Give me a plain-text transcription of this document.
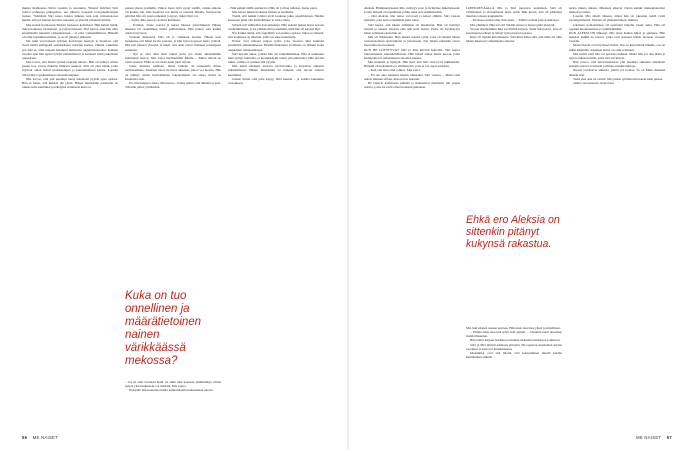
muista ihailleensa Siirin vastetta ja suoruutta. Yhteisä päivästä Siiri saattoi puhuessa jalkapalloa, sen jälkeen nopeasti terveydenhoitajan luokse. ”Kämäsin Siiri sanoo lukion jälkeen, kun sain vastaanotossa kuulla, että jos haluan nuorena naiseksi, ja pistettä vakuutin Siirille.

Mia kutsui huolissaan Siiristä luokseen kahvilaan. Hän halusi tietää, miten koulussa oli mennyt, ja tarjosi tukeaan. Siiri kertoi, ettei hän ollut kenellekään puhunut vaikeuksistaan – ei edes vanhemmilleen. Hänellä oli ollut koulukiusaamista, ja se oli jättänyt jälkensä.

Ma tutki varovaisesti tyttöjen kotiolojen taustoja ja huomasi, että moni heistä kamppaili samanlaisten asioiden kanssa. Oikein vaikeaksi sen teki se, ettei kukaan halunnut leimautua ongelmanuoreksi. Kahden vuoden ajan hän tapasi tyttöjä säännöllisesti ja kannusti heitä jatkamaan opintojaan.

Mia toivoi, että hänen työnsä tuottaisi tulosta. Hän oli nähnyt, miten pienet teot voivat muuttaa ihmisen suuntaa. Siiri oli yksi niistä, jotka löysivät oman tiensä keskustelujen ja kuuntelemisen kautta. Lopulta Siiri päätyi opiskelemaan sairaanhoitajaksi.

Mia toivoo, että yhä useampi nuori uskaltaisi pyytää apua ajoissa. Hän ei halua, että kukaan jää yksin. Hänen mielestään jokaisella on oikeus tulla kuulluksi ja nähdyksi sellaisena kuin on.

pienen iltaan pysähdin. Viikon loput tyttö pysyi sisällä, vaikka ulkona oli kaunis sää. Mia huomasi sen mutta ei sanonut mitään. Seuraavana päivänä hän otti asian puheeksi ja kysyi, miten Siiri voi.

– Kyllä, Mia sanoi ja kohotti kulmiaan.

– Tottakai, Janne vastasi ja katsoi häneen ystävällisesti. Hänen äänensä oli rauhallinen mutta päättäväinen. Hän halusi, että kaikki olisivat turvassa.

Vuoteen mennessä Siiri oli jo vaihtanut koulua. Hänen uusi luokkansa otti hänet hyvin vastaan, ja hän löysi nopeasti uusia ystäviä. Mia piti häneen yhteyttä ja kuuli, että asiat olivat menneet parempaan suuntaan.

– Nyt se olisi ollut ihan toinen juttu, jos olisin aikaisemmin uskaltanut kertoa, Siiri sanoi myöhemmin Mialle. – Mutta silloin en vielä osannut. Ehkä se oli oikea hetki juuri silloin.

Janne muistaa edelleen, miten tärkeää oli kuunnella ilman tuomitsemista. Jokainen nuori tarvitsee aikuisen, johon voi luottaa. Hän on nähnyt, miten luottamuksen rakentaminen vie aikaa, mutta se kannattaa aina.

En ollut helppoa aikaa, Mia kertoo. Joskus tuntui, että mikään ei auta. Silti hän jatkoi yrittämistä.

– Jos en olisi tavannut heitä, en ehkä olisi koskaan ymmärtänyt, miten paljon yksi keskustelu voi merkitä, Mia sanoo.

Nykyään hän kouluttaa muita ammattilaisia kohtaamaan nuoria.

Kuka on tuo onnellinen ja määrätietoinen nainen värikkäässä mekossa?

– Niin kaikki täällä ajattelevat. Hän oli jo illan tullessa, Janne sanoi.

Mia katsoi hänen luokseen hetken ja nyökkäsi.

Tietää, että kaikki tyttäret eivät koskaan puhu ongelmistaan. Heidän kanssaan pitää olla kärsivällinen ja antaa aikaa.

Siiristä tuli vähitellen itsevarmempi. Hän uskalsi puhua myös kotona vanhemmilleen, ja he ymmärsivät paremmin, mitä hän oli käynyt läpi.

Nyt kaikki tietää, että ongelmiin voi puuttua ajoissa. Siksi on tärkeää, että kouluissa on aikuisia, joilla on aikaa kuunnella.

Naiset ovat tehneet paljon työtä, jotta nuorten ääni kuuluisi paremmin yhteiskunnassa. Heidän mukaansa avoimuus on tärkein avain ongelmien ratkaisemiseen.

Siiri kuvaili aikaa, jolloin hän oli vaikeimmillaan. Hän ei nukkunut eikä syönyt kunnolla, ja koulunkäynti tuntui ylivoimaiselta. Hän tarvitsi tukea, vaikka ei osannut sitä pyytää.

Mia tutkii edelleen nuorten hyvinvointia ja kirjoittaa aiheesta säännöllisesti. Hänen mielestään on tärkeää, että nuoret tulevat kuulluiksi.

Joskus riittää, että joku kysyy, mitä kuuluu – ja todella kuuntelee vastauksen.

56 ME NAISET

Aleksia. Hämmentyneenä Mia vetäytyy pois ja hymyilee häkeltyneenä. Jotain tärkeää oli tapahtunut ja hän tunsi sen sisimmässään.

– Olet Aleksia, hän sanoo varovasti ja katsoi silmiin. Siiri vastasi hymyllä, joka kertoi enemmän kuin sanat.

Siiri kertoi, että hänen elämänsä oli muuttunut. Hän oli löytänyt itsensä ja uskalsi vihdoin elää niin kuin halusi. Perhe oli hyväksynyt hänet sellaisena kuin hän on.

Mia oli liikuttunut. Hän muisti nuoren tytön, joka oli istunut hänen vastaanotollaan epävarmana ja peloissaan. Nyt hänen edessään seisoi itsevarma nuori nainen.

KUN HE LÖYSTYVÄT Siiri ja Mia kävivät kahvilla, Siiri kertoi tulevaisuuden suunnitelmistaan. Hän halusi auttaa muita nuoria, jotka kamppailevat samanlaisten asioiden kanssa.

Mia kuunteli ja hymyili. Hän tiesi, että Siiri olisi hyvä tukihenkilö. Hänellä oli kokemusta ja ymmärrystä, joita ei voi oppia kirjoista.

– Sinä olet aina ollut rohkea, Mia sanoi.

– En ole aina tuntenut itseäni rohkeaksi, Siiri vastasi. – Mutta sinä uskoit minuun silloin, kun en itse uskonut.

He istuivat kahvilassa pitkään ja muistelivat menneitä. Oli paljon asioita, joista he eivät olleet koskaan puhuneet.

LOPPUKEVÄÄLLÄ Mia ja Siiri tapasivat uudelleen. Siiri oli valmistunut ja aloittamassa uutta työtä. Hän kertoi, että oli päättänyt muuttaa toiseen kaupunkiin.

– Tarvitsen uuden alun, hän sanoi. – Täällä on liian paljon muistoja.

Mia ymmärsi. Hän toivotti Siirille onnea ja lupasi pitää yhteyttä.

Vuosia myöhemmin Mia sai Siiriltä kirjeen. Siinä Siiri kertoi, että oli perustanut perheen ja tehnyt työtä nuorten parissa.

Kirje oli täynnä kiitollisuutta. Siiri kiitti Miaa siitä, että tämä oli ollut hänen tukenaan vaikeimpina aikoina.

Mia luki kirjeen useaan kertaan. Hän tunsi olevansa ylpeä ja kiitollinen.

– Tämän takia teen tätä työtä, hän ajatteli. – Jokainen nuori ansaitsee mahdollisuuden.

Hän laittoi kirjeen laatikkoon muiden tärkeiden muistojen joukkoon.

Siiri ja Mia pitävät edelleen yhteyttä. He tapaavat muutaman kerran vuodessa ja kertovat kuulumisiaan.

Molemmat ovat sitä mieltä, että kohtaaminen muutti heidän kummankin elämää.

Ehkä ero Aleksia on sittenkin pitänyt kukynsä rakastua.

tarina muuta aikaan. Mielessä alkavat viirata kaikki maksamattomat maksut ja lainat.

Lopulta Mia mietti ääneen, miksi hän oli jaksanut tehdä työtä vuosikymmeniä. Vastaus oli yksinkertainen: ihmiset.

Jokainen kohtaaminen oli opettanut hänelle jotain uutta. Hän oli oppinut kuuntelemaan ja ymmärtämään.

KUN ALEKSI ON lähtenyt, Mia istuu hetken hiljaa ja ajattelee. Hän muistaa kaikki ne nuoret, jotka ovat käyneet hänen luonaan vuosien varrella.

Monet heistä ovat löytäneet tiensä. Osa on kirjoittanut hänelle, osa on tullut käymään. Jokainen tarina on ollut erilainen.

Mia tietää, ettei hän voi pelastaa kaikkia. Mutta hän voi olla läsnä ja tarjota tukeaan niille, jotka sitä tarvitsevat.

Hän toivoo, että tulevaisuudessa yhä useampi aikuinen uskaltaisi kohdata nuoret avoimesti ja ilman ennakkoluuloja.

Nuoret tarvitsevat aikuisia, joihin voi luottaa. Se on Mian mielestä tärkein asia.

Vielä yksi asia on varma: Mia jatkaa työtään niin kauan kuin jaksaa.

Jatkuu seuraavassa numerossa

ME NAISET 57
